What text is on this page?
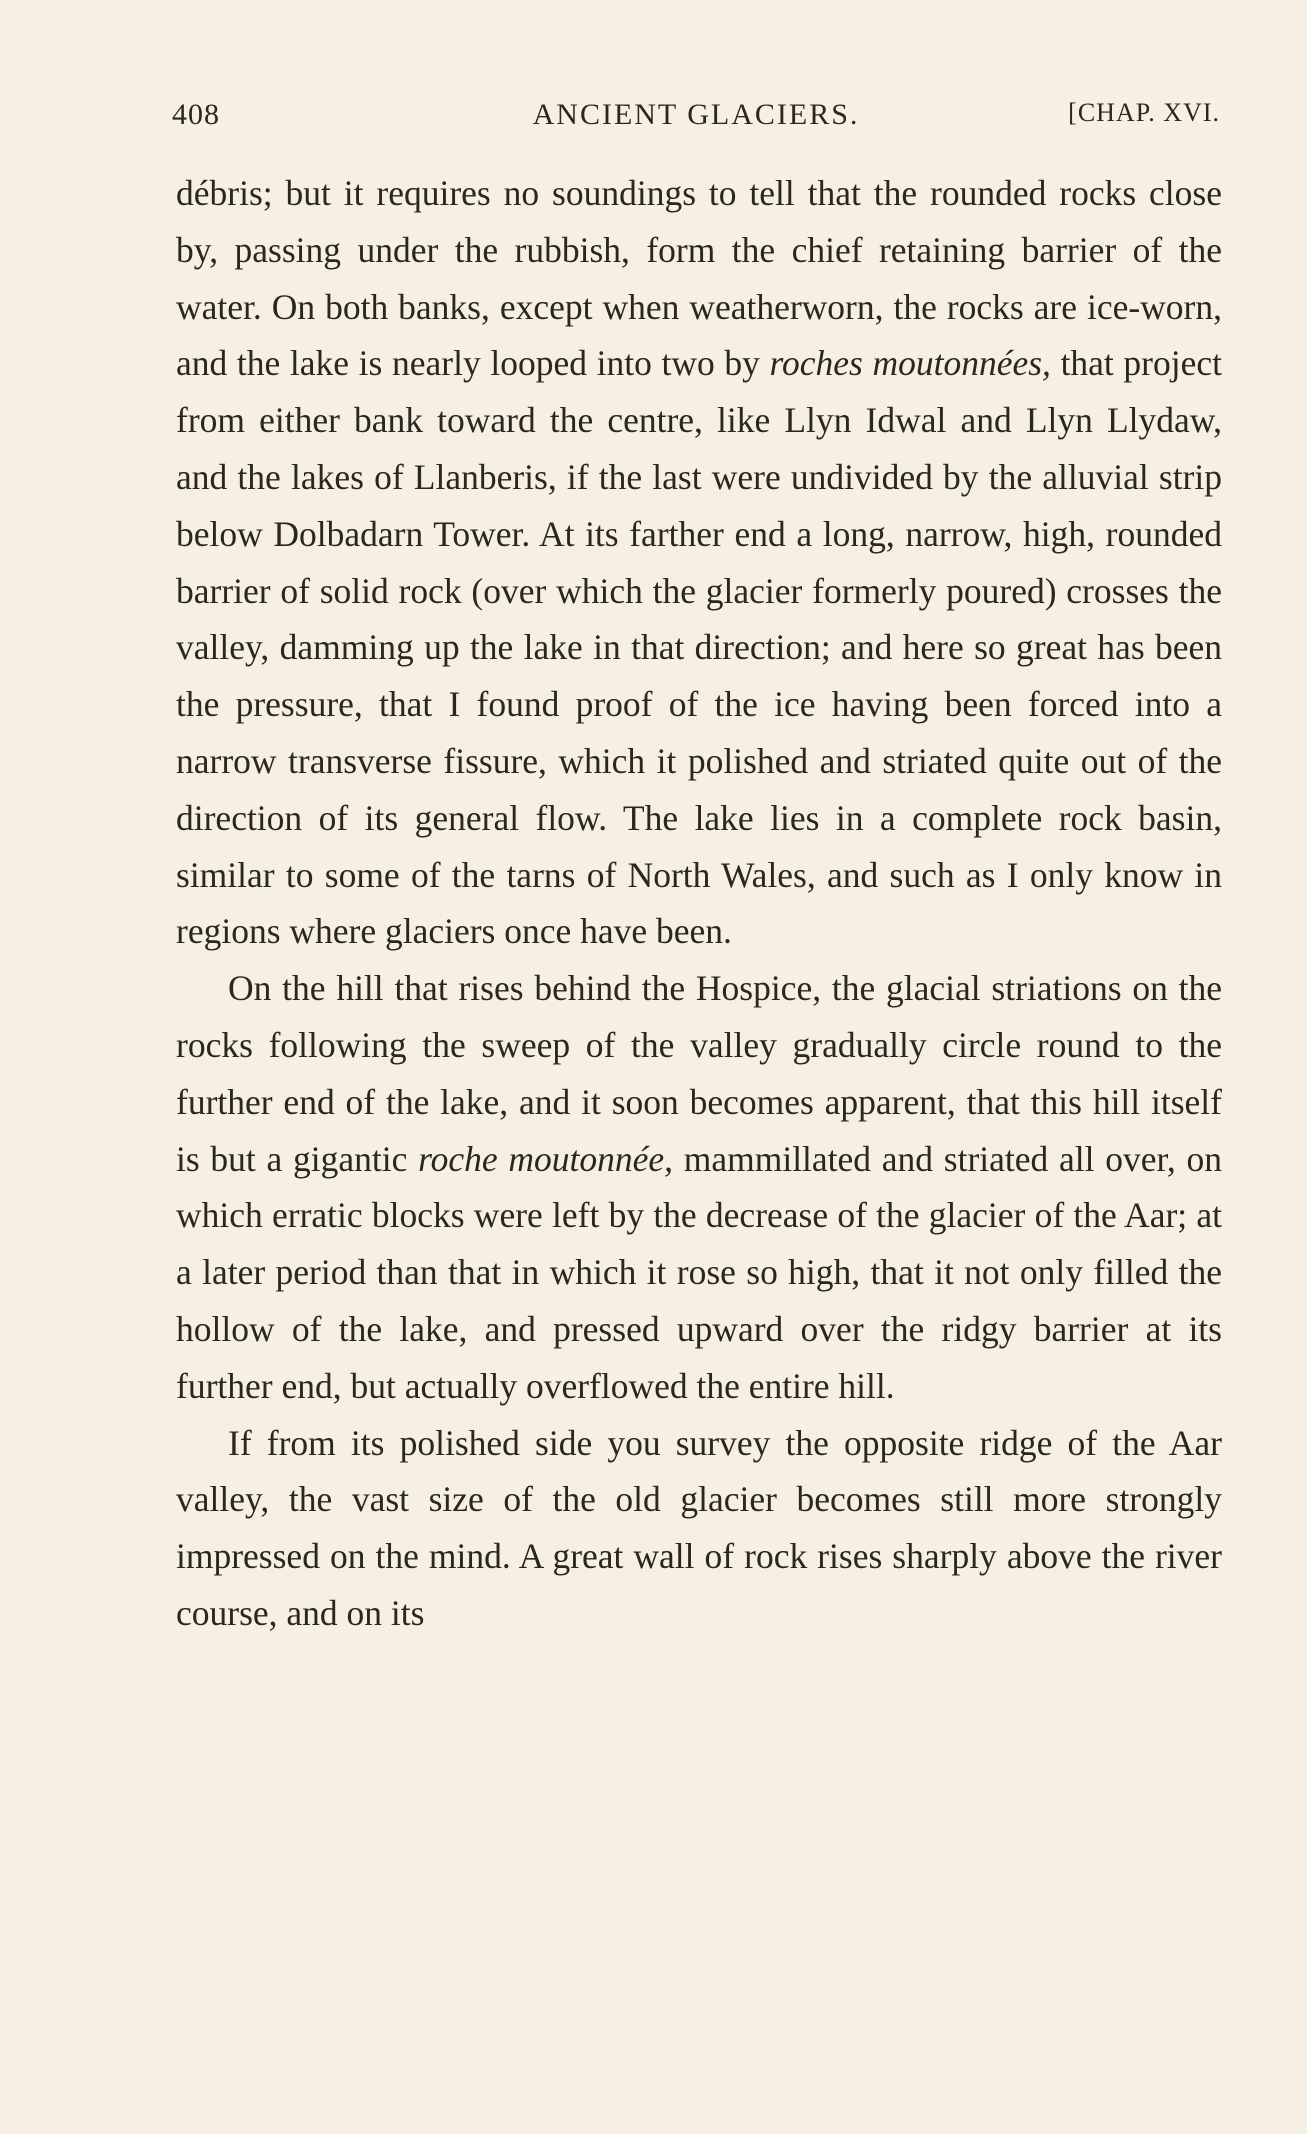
408	ANCIENT GLACIERS.	[CHAP. XVI.

débris; but it requires no soundings to tell that the rounded rocks close by, passing under the rubbish, form the chief retaining barrier of the water. On both banks, except when weatherworn, the rocks are ice-worn, and the lake is nearly looped into two by roches moutonnées, that project from either bank toward the centre, like Llyn Idwal and Llyn Llydaw, and the lakes of Llanberis, if the last were undivided by the alluvial strip below Dolbadarn Tower. At its farther end a long, narrow, high, rounded barrier of solid rock (over which the glacier formerly poured) crosses the valley, damming up the lake in that direction; and here so great has been the pressure, that I found proof of the ice having been forced into a narrow transverse fissure, which it polished and striated quite out of the direction of its general flow. The lake lies in a complete rock basin, similar to some of the tarns of North Wales, and such as I only know in regions where glaciers once have been.

On the hill that rises behind the Hospice, the glacial striations on the rocks following the sweep of the valley gradually circle round to the further end of the lake, and it soon becomes apparent, that this hill itself is but a gigantic roche moutonnée, mammillated and striated all over, on which erratic blocks were left by the decrease of the glacier of the Aar; at a later period than that in which it rose so high, that it not only filled the hollow of the lake, and pressed upward over the ridgy barrier at its further end, but actually overflowed the entire hill.

If from its polished side you survey the opposite ridge of the Aar valley, the vast size of the old glacier becomes still more strongly impressed on the mind. A great wall of rock rises sharply above the river course, and on its
